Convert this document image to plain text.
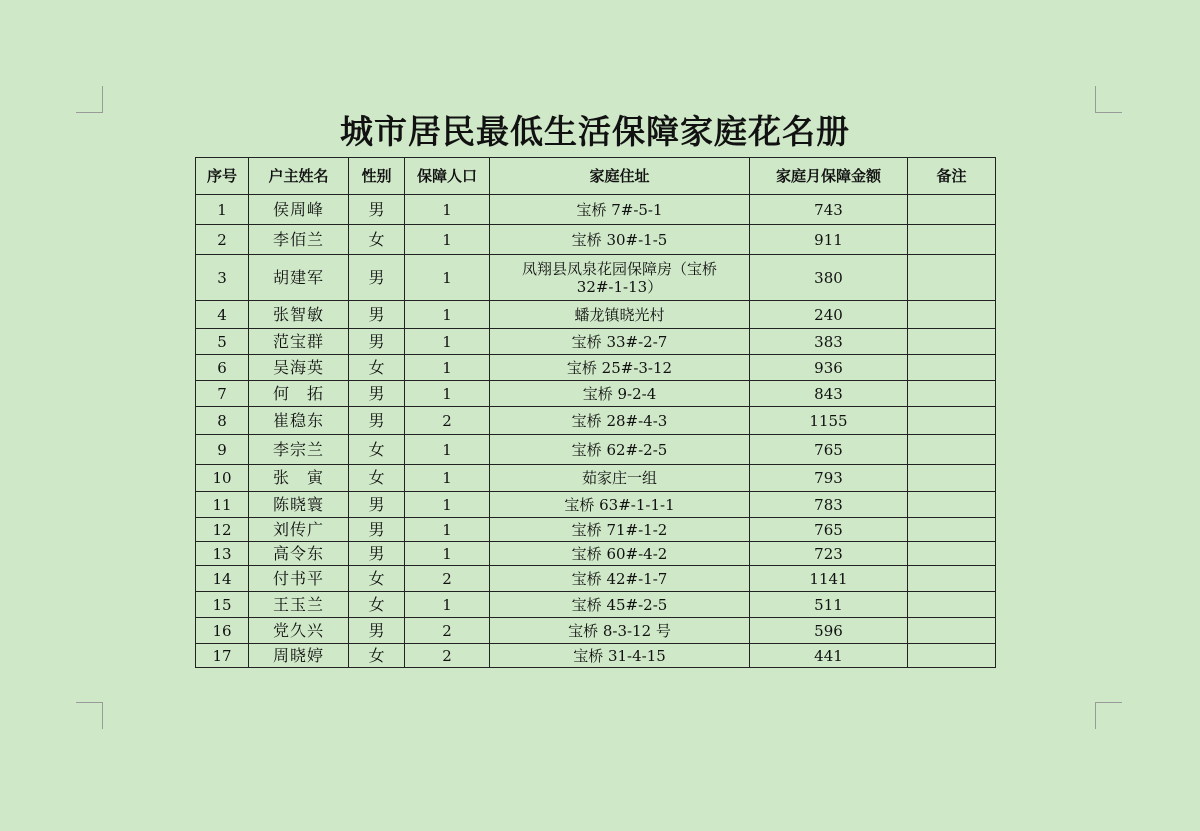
城市居民最低生活保障家庭花名册
序号	户主姓名	性别	保障人口	家庭住址	家庭月保障金额	备注
1	侯周峰	男	1	宝桥 7#-5-1	743	
2	李佰兰	女	1	宝桥 30#-1-5	911	
3	胡建军	男	1	凤翔县凤泉花园保障房（宝桥 32#-1-13）	380	
4	张智敏	男	1	蟠龙镇晓光村	240	
5	范宝群	男	1	宝桥 33#-2-7	383	
6	吴海英	女	1	宝桥 25#-3-12	936	
7	何　拓	男	1	宝桥 9-2-4	843	
8	崔稳东	男	2	宝桥 28#-4-3	1155	
9	李宗兰	女	1	宝桥 62#-2-5	765	
10	张　寅	女	1	茹家庄一组	793	
11	陈晓寰	男	1	宝桥 63#-1-1-1	783	
12	刘传广	男	1	宝桥 71#-1-2	765	
13	高令东	男	1	宝桥 60#-4-2	723	
14	付书平	女	2	宝桥 42#-1-7	1141	
15	王玉兰	女	1	宝桥 45#-2-5	511	
16	党久兴	男	2	宝桥 8-3-12 号	596	
17	周晓婷	女	2	宝桥 31-4-15	441	
